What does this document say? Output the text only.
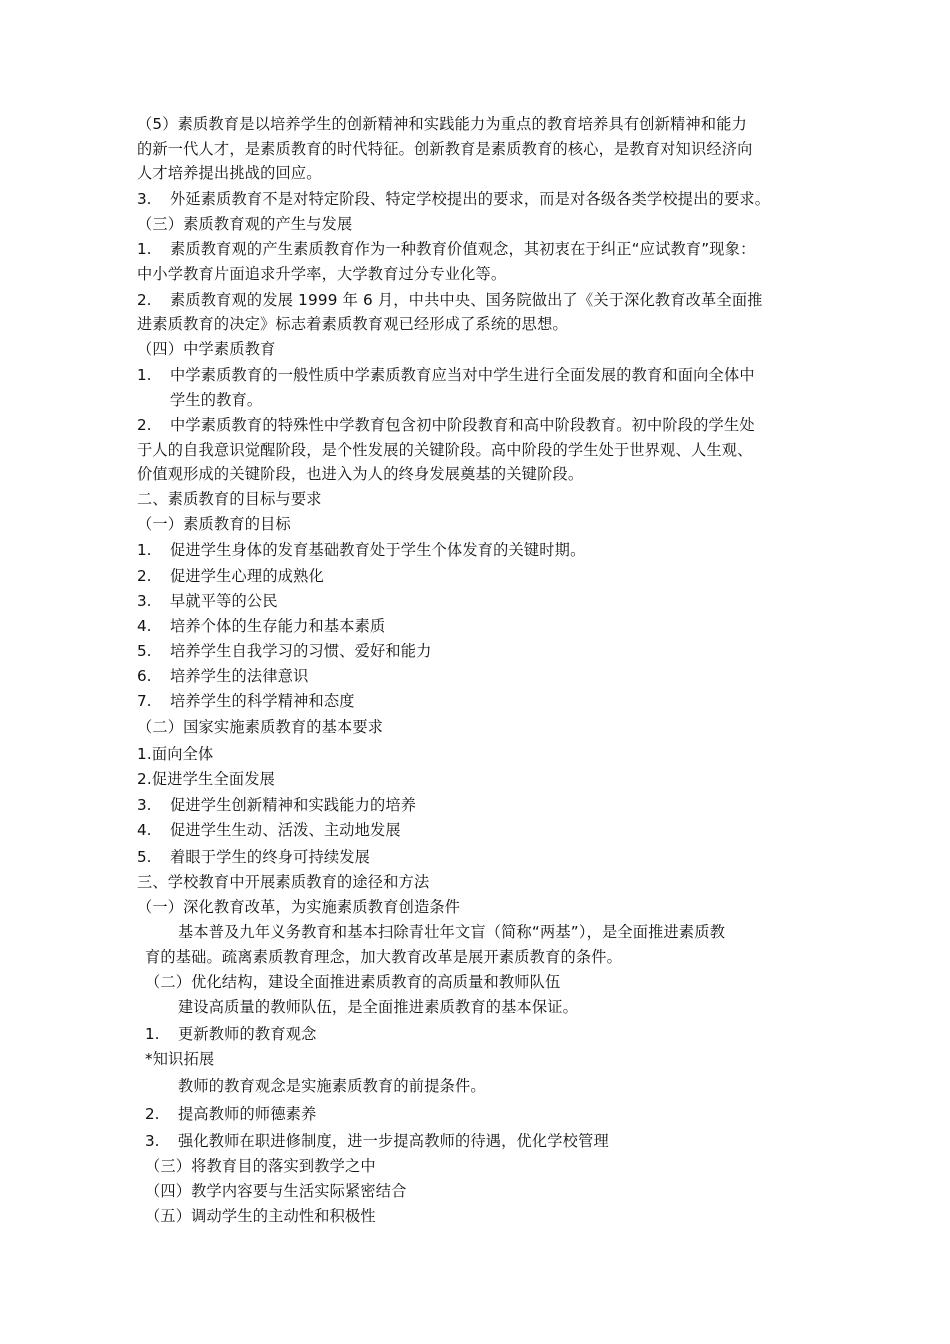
（5）素质教育是以培养学生的创新精神和实践能力为重点的教育培养具有创新精神和能力
的新一代人才，是素质教育的时代特征。创新教育是素质教育的核心，是教育对知识经济向
人才培养提出挑战的回应。
3. 外延素质教育不是对特定阶段、特定学校提出的要求，而是对各级各类学校提出的要求。
（三）素质教育观的产生与发展
1. 素质教育观的产生素质教育作为一种教育价值观念，其初衷在于纠正“应试教育”现象：
中小学教育片面追求升学率，大学教育过分专业化等。
2. 素质教育观的发展 1999 年 6 月，中共中央、国务院做出了《关于深化教育改革全面推
进素质教育的决定》标志着素质教育观已经形成了系统的思想。
（四）中学素质教育
1. 中学素质教育的一般性质中学素质教育应当对中学生进行全面发展的教育和面向全体中
学生的教育。
2. 中学素质教育的特殊性中学教育包含初中阶段教育和高中阶段教育。初中阶段的学生处
于人的自我意识觉醒阶段，是个性发展的关键阶段。高中阶段的学生处于世界观、人生观、
价值观形成的关键阶段，也进入为人的终身发展奠基的关键阶段。
二、素质教育的目标与要求
（一）素质教育的目标
1. 促进学生身体的发育基础教育处于学生个体发育的关键时期。
2. 促进学生心理的成熟化
3. 早就平等的公民
4. 培养个体的生存能力和基本素质
5. 培养学生自我学习的习惯、爱好和能力
6. 培养学生的法律意识
7. 培养学生的科学精神和态度
（二）国家实施素质教育的基本要求
1.面向全体
2.促进学生全面发展
3. 促进学生创新精神和实践能力的培养
4. 促进学生生动、活泼、主动地发展
5. 着眼于学生的终身可持续发展
三、学校教育中开展素质教育的途径和方法
（一）深化教育改革，为实施素质教育创造条件
基本普及九年义务教育和基本扫除青壮年文盲（简称“两基”），是全面推进素质教
育的基础。疏离素质教育理念，加大教育改革是展开素质教育的条件。
（二）优化结构，建设全面推进素质教育的高质量和教师队伍
建设高质量的教师队伍，是全面推进素质教育的基本保证。
1. 更新教师的教育观念
*知识拓展
教师的教育观念是实施素质教育的前提条件。
2. 提高教师的师德素养
3. 强化教师在职进修制度，进一步提高教师的待遇，优化学校管理
（三）将教育目的落实到教学之中
（四）教学内容要与生活实际紧密结合
（五）调动学生的主动性和积极性
